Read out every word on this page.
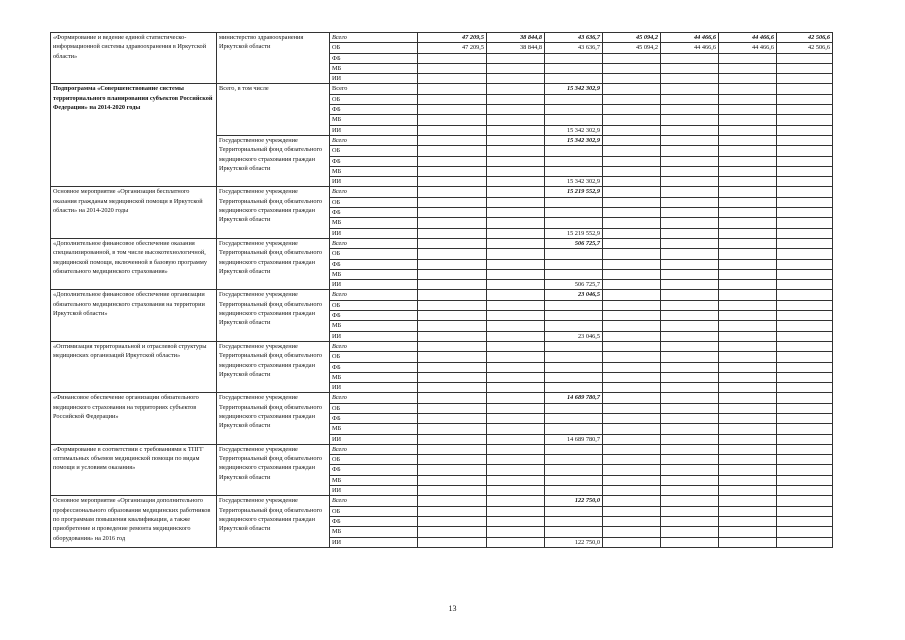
«Формирование и ведение единой статистическо-информационной системы здравоохранения в Иркутской области»	министерство здравоохранения Иркутской области	Всего	47 209,5	38 844,8	43 636,7	45 094,2	44 466,6	44 466,6	42 506,6
		ОБ	47 209,5	38 844,8	43 636,7	45 094,2	44 466,6	44 466,6	42 506,6
		ФБ							
		МБ							
		ИИ							
Подпрограмма «Совершенствование системы территориального планирования субъектов Российской Федерации» на 2014-2020 годы	Всего, в том числе	Всего			15 342 302,9				
		ОБ							
		ФБ							
		МБ							
		ИИ			15 342 302,9				
	Государственное учреждение Территориальный фонд обязательного медицинского страхования граждан Иркутской области	Всего			15 342 302,9				
		ОБ							
		ФБ							
		МБ							
		ИИ			15 342 302,9				
Основное мероприятие «Организация бесплатного оказания гражданам медицинской помощи в Иркутской области» на 2014-2020 годы	Государственное учреждение Территориальный фонд обязательного медицинского страхования граждан Иркутской области	Всего			15 219 552,9				
		ОБ							
		ФБ							
		МБ							
		ИИ			15 219 552,9				
«Дополнительное финансовое обеспечение оказания специализированной, в том числе высокотехнологичной, медицинской помощи, включенной в базовую программу обязательного медицинского страхования»	Государственное учреждение Территориальный фонд обязательного медицинского страхования граждан Иркутской области	Всего			506 725,7				
		ОБ							
		ФБ							
		МБ							
		ИИ			506 725,7				
«Дополнительное финансовое обеспечение организации обязательного медицинского страхования на территории Иркутской области»	Государственное учреждение Территориальный фонд обязательного медицинского страхования граждан Иркутской области	Всего			23 046,5				
		ОБ							
		ФБ							
		МБ							
		ИИ			23 046,5				
«Оптимизация территориальной и отраслевой структуры медицинских организаций Иркутской области»	Государственное учреждение Территориальный фонд обязательного медицинского страхования граждан Иркутской области	Всего							
		ОБ							
		ФБ							
		МБ							
		ИИ							
«Финансовое обеспечение организации обязательного медицинского страхования на территориях субъектов Российской Федерации»	Государственное учреждение Территориальный фонд обязательного медицинского страхования граждан Иркутской области	Всего			14 689 780,7				
		ОБ							
		ФБ							
		МБ							
		ИИ			14 689 780,7				
«Формирование в соответствии с требованиями к ТПГГ оптимальных объемов медицинской помощи по видам помощи и условиям оказания»	Государственное учреждение Территориальный фонд обязательного медицинского страхования граждан Иркутской области	Всего							
		ОБ							
		ФБ							
		МБ							
		ИИ							
Основное мероприятие «Организация дополнительного профессионального образования медицинских работников по программам повышения квалификации, а также приобретение и проведение ремонта медицинского оборудования» на 2016 год	Государственное учреждение Территориальный фонд обязательного медицинского страхования граждан Иркутской области	Всего			122 750,0				
		ОБ							
		ФБ							
		МБ							
		ИИ			122 750,0				
13
